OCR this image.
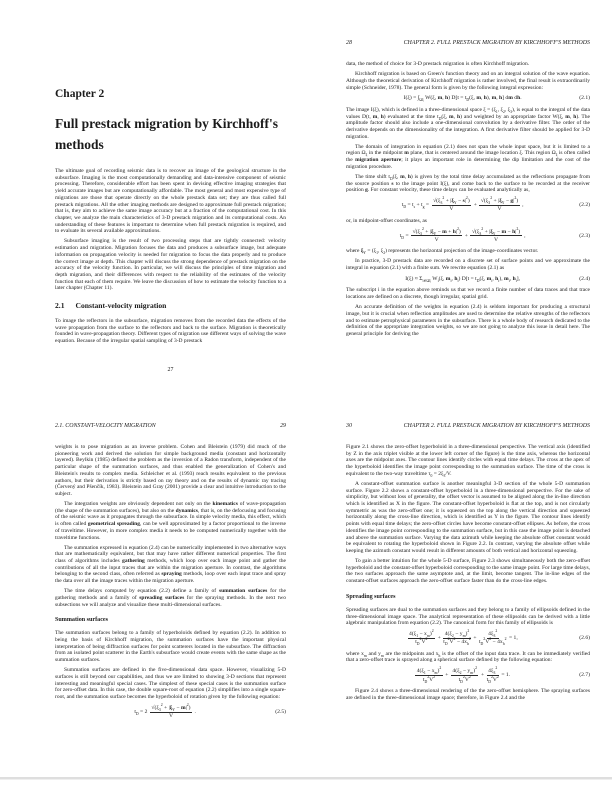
Chapter 2
Full prestack migration by Kirchhoff's
methods

The ultimate goal of recording seismic data is to recover an image of the geological structure in the subsurface. Imaging is the most computationally demanding and data-intensive component of seismic processing. Therefore, considerable effort has been spent in devising effective imaging strategies that yield accurate images but are computationally affordable. The most general and most expensive type of migrations are those that operate directly on the whole prestack data set; they are thus called full prestack migrations. All the other imaging methods are designed to approximate full prestack migration; that is, they aim to achieve the same image accuracy but at a fraction of the computational cost. In this chapter, we analyze the main characteristics of 3-D prestack migration and its computational costs. An understanding of these features is important to determine when full prestack migration is required, and to evaluate its several available approximations.

Subsurface imaging is the result of two processing steps that are tightly connected: velocity estimation and migration. Migration focuses the data and produces a subsurface image, but adequate information on propagation velocity is needed for migration to focus the data properly and to produce the correct image at depth. This chapter will discuss the strong dependence of prestack migration on the accuracy of the velocity function. In particular, we will discuss the principles of time migration and depth migration, and their differences with respect to the reliability of the estimates of the velocity function that each of them require. We leave the discussion of how to estimate the velocity function to a later chapter (Chapter 11).

2.1 Constant-velocity migration

To image the reflectors in the subsurface, migration removes from the recorded data the effects of the wave propagation from the surface to the reflectors and back to the surface. Migration is theoretically founded in wave-propagation theory. Different types of migration use different ways of solving the wave equation. Because of the irregular spatial sampling of 3-D prestack

27
28	CHAPTER 2. FULL PRESTACK MIGRATION BY KIRCHHOFF'S METHODS

data, the method of choice for 3-D prestack migration is often Kirchhoff migration.

Kirchhoff migration is based on Green's function theory and on an integral solution of the wave equation. Although the theoretical derivation of Kirchhoff migration is rather involved, the final result is extraordinarily simple (Schneider, 1978). The general form is given by the following integral expression:

$I(\xi) = \int_{\Omega\xi}$ W(ξ, m, h) $D[t = t_D(\xi$, m, h), m, h] dm dh.	(2.1)

The image I(ξ), which is defined in a three-dimensional space $\xi = (\xi_1$, $\xi_2$, $\xi_3$), is equal to the integral of the data values D(t, m, h) evaluated at the time $t_D(\xi$, m, h) and weighted by an appropriate factor W(ξ, m, h). The amplitude factor should also include a one-dimensional convolution by a derivative filter. The order of the derivative depends on the dimensionality of the integration. A first derivative filter should be applied for 3-D migration.

The domain of integration in equation (2.1) does not span the whole input space, but it is limited to a region $\Omega_\xi$ in the midpoint m plane, that is centered around the image location ξ. This region $\Omega_\xi$ is often called the migration aperture; it plays an important role in determining the dip limitation and the cost of the migration procedure.

The time shift $t_D(\xi$, m, h) is given by the total time delay accumulated as the reflections propagate from the source position s to the image point I(ξ), and come back to the surface to be recorded at the receiver position g. For constant velocity, these time delays can be evaluated analytically as,

$t_D = t_s + t_g = \frac{√(\xi_3^2 + |\xi_Y - s|^2)}{V} + \frac{√(\xi_3^2 + |\xi_Y - g|^2)}{V}$ ,	(2.2)

or, in midpoint-offset coordinates, as

$t_D = \frac{√(\xi_3^2 + |\xi_Y - m + h|^2)}{V} + \frac{√(\xi_3^2 + |\xi_Y - m - h|^2)}{V}$ ,	(2.3)

where $\xi_Y = (\xi_1$, $\xi_2$) represents the horizontal projection of the image-coordinates vector.

In practice, 3-D prestack data are recorded on a discrete set of surface points and we approximate the integral in equation (2.1) with a finite sum. We rewrite equation (2.1) as

$I(\xi) \approx \Sigma_{i\in\Omega\xi}$ $W_i(\xi$, $m_i$, $h_i$) $D[t = t_D(\xi$, $m_i$, $h_i$), $m_i$, $h_i$],	(2.4)

The subscript i in the equation above reminds us that we record a finite number of data traces and that trace locations are defined on a discrete, though irregular, spatial grid.

An accurate definition of the weights in equation (2.4) is seldom important for producing a structural image, but it is crucial when reflection amplitudes are used to determine the relative strengths of the reflectors and to estimate petrophysical parameters in the subsurface. There is a whole body of research dedicated to the definition of the appropriate integration weights, so we are not going to analyze this issue in detail here. The general principle for deriving the

2.1. CONSTANT-VELOCITY MIGRATION	29

weights is to pose migration as an inverse problem. Cohen and Bleistein (1979) did much of the pioneering work and derived the solution for simple background media (constant and horizontally layered). Beylkin (1985) defined the problem as the inversion of a Radon transform, independent of the particular shape of the summation surfaces, and thus enabled the generalization of Cohen's and Bleistein's results to complex media. Schleicher et al. (1993) reach results equivalent to the previous authors, but their derivation is strictly based on ray theory and on the results of dynamic ray tracing (Červený and Pšenčík, 1983). Bleistein and Gray (2001) provide a clear and intuitive introduction to the subject.

The integration weights are obviously dependent not only on the kinematics of wave-propagation (the shape of the summation surfaces), but also on the dynamics, that is, on the defocusing and focusing of the seismic wave as it propagates through the subsurface. In simple velocity media, this effect, which is often called geometrical spreading, can be well approximated by a factor proportional to the inverse of traveltime. However, in more complex media it needs to be computed numerically together with the traveltime functions.

The summation expressed in equation (2.4) can be numerically implemented in two alternative ways that are mathematically equivalent, but that may have rather different numerical properties. The first class of algorithms includes gathering methods, which loop over each image point and gather the contributions of all the input traces that are within the migration aperture. In contrast, the algorithms belonging to the second class, often referred as spraying methods, loop over each input trace and spray the data over all the image traces within the migration aperture.

The time delays computed by equation (2.2) define a family of summation surfaces for the gathering methods and a family of spreading surfaces for the spraying methods. In the next two subsections we will analyze and visualize these multi-dimensional surfaces.

Summation surfaces

The summation surfaces belong to a family of hyperboloids defined by equation (2.2). In addition to being the basis of Kirchhoff migration, the summation surfaces have the important physical interpretation of being diffraction surfaces for point scatterers located in the subsurface. The diffraction from an isolated point scatterer in the Earth's subsurface would create events with the same shape as the summation surfaces.

Summation surfaces are defined in the five-dimensional data space. However, visualizing 5-D surfaces is still beyond our capabilities, and thus we are limited to showing 3-D sections that represent interesting and meaningful special cases. The simplest of these special cases is the summation surface for zero-offset data. In this case, the double square-root of equation (2.2) simplifies into a single square-root, and the summation surface becomes the hyperboloid of rotation given by the following equation:

$t_D = 2 \frac{√(\xi_3^2 + |\xi_Y - m|^2)}{V}$ .	(2.5)
30	CHAPTER 2. FULL PRESTACK MIGRATION BY KIRCHHOFF'S METHODS

Figure 2.1 shows the zero-offset hyperboloid in a three-dimensional perspective. The vertical axis (identified by Z in the axis triplet visible at the lower left corner of the figure) is the time axis, whereas the horizontal axes are the midpoint axes. The contour lines identify circles with equal time delays. The cross at the apex of the hyperboloid identifies the image point corresponding to the summation surface. The time of the cross is equivalent to the two-way traveltime $\tau_0 = 2\xi_3/V$.

A constant-offset summation surface is another meaningful 3-D section of the whole 5-D summation surface. Figure 2.2 shows a constant-offset hyperboloid in a three-dimensional perspective. For the sake of simplicity, but without loss of generality, the offset vector is assumed to be aligned along the in-line direction which is identified as X in the figure. The constant-offset hyperboloid is flat at the top, and is not circularly symmetric as was the zero-offset one; it is squeezed on the top along the vertical direction and squeezed horizontally along the cross-line direction, which is identified as Y in the figure. The contour lines identify points with equal time delays; the zero-offset circles have become constant-offset ellipses. As before, the cross identifies the image point corresponding to the summation surface, but in this case the image point is detached and above the summation surface. Varying the data azimuth while keeping the absolute offset constant would be equivalent to rotating the hyperboloid shown in Figure 2.2. In contrast, varying the absolute offset while keeping the azimuth constant would result in different amounts of both vertical and horizontal squeezing.

To gain a better intuition for the whole 5-D surface, Figure 2.3 shows simultaneously both the zero-offset hyperboloid and the constant-offset hyperboloid corresponding to the same image point. For large time delays, the two surfaces approach the same asymptote and, at the limit, become tangent. The in-line edges of the constant-offset surfaces approach the zero-offset surface faster than do the cross-line edges.

Spreading surfaces

Spreading surfaces are dual to the summation surfaces and they belong to a family of ellipsoids defined in the three-dimensional image space. The analytical representation of these ellipsoids can be derived with a little algebraic manipulation from equation (2.2). The canonical form for this family of ellipsoids is

$\frac{4(\xi_1 - x_m)^2}{t_D^2V^2} + \frac{4(\xi_2 - y_m)^2}{t_D^2V^2 - 4x_h^2} + \frac{4\xi_3^2}{t_D^2V^2 - 4x_h^2} = 1$,	(2.6)

where $x_m$ and $y_m$ are the midpoints and $x_h$ is the offset of the input data trace. It can be immediately verified that a zero-offset trace is sprayed along a spherical surface defined by the following equation:

$\frac{4(\xi_1 - x_m)^2}{t_D^2V^2} + \frac{4(\xi_2 - y_m)^2}{t_D^2V^2} + \frac{4\xi_3^2}{t_D^2V^2} = 1$.	(2.7)

Figure 2.4 shows a three-dimensional rendering of the the zero-offset hemisphere. The spraying surfaces are defined in the three-dimensional image space; therefore, in Figure 2.4 and the
